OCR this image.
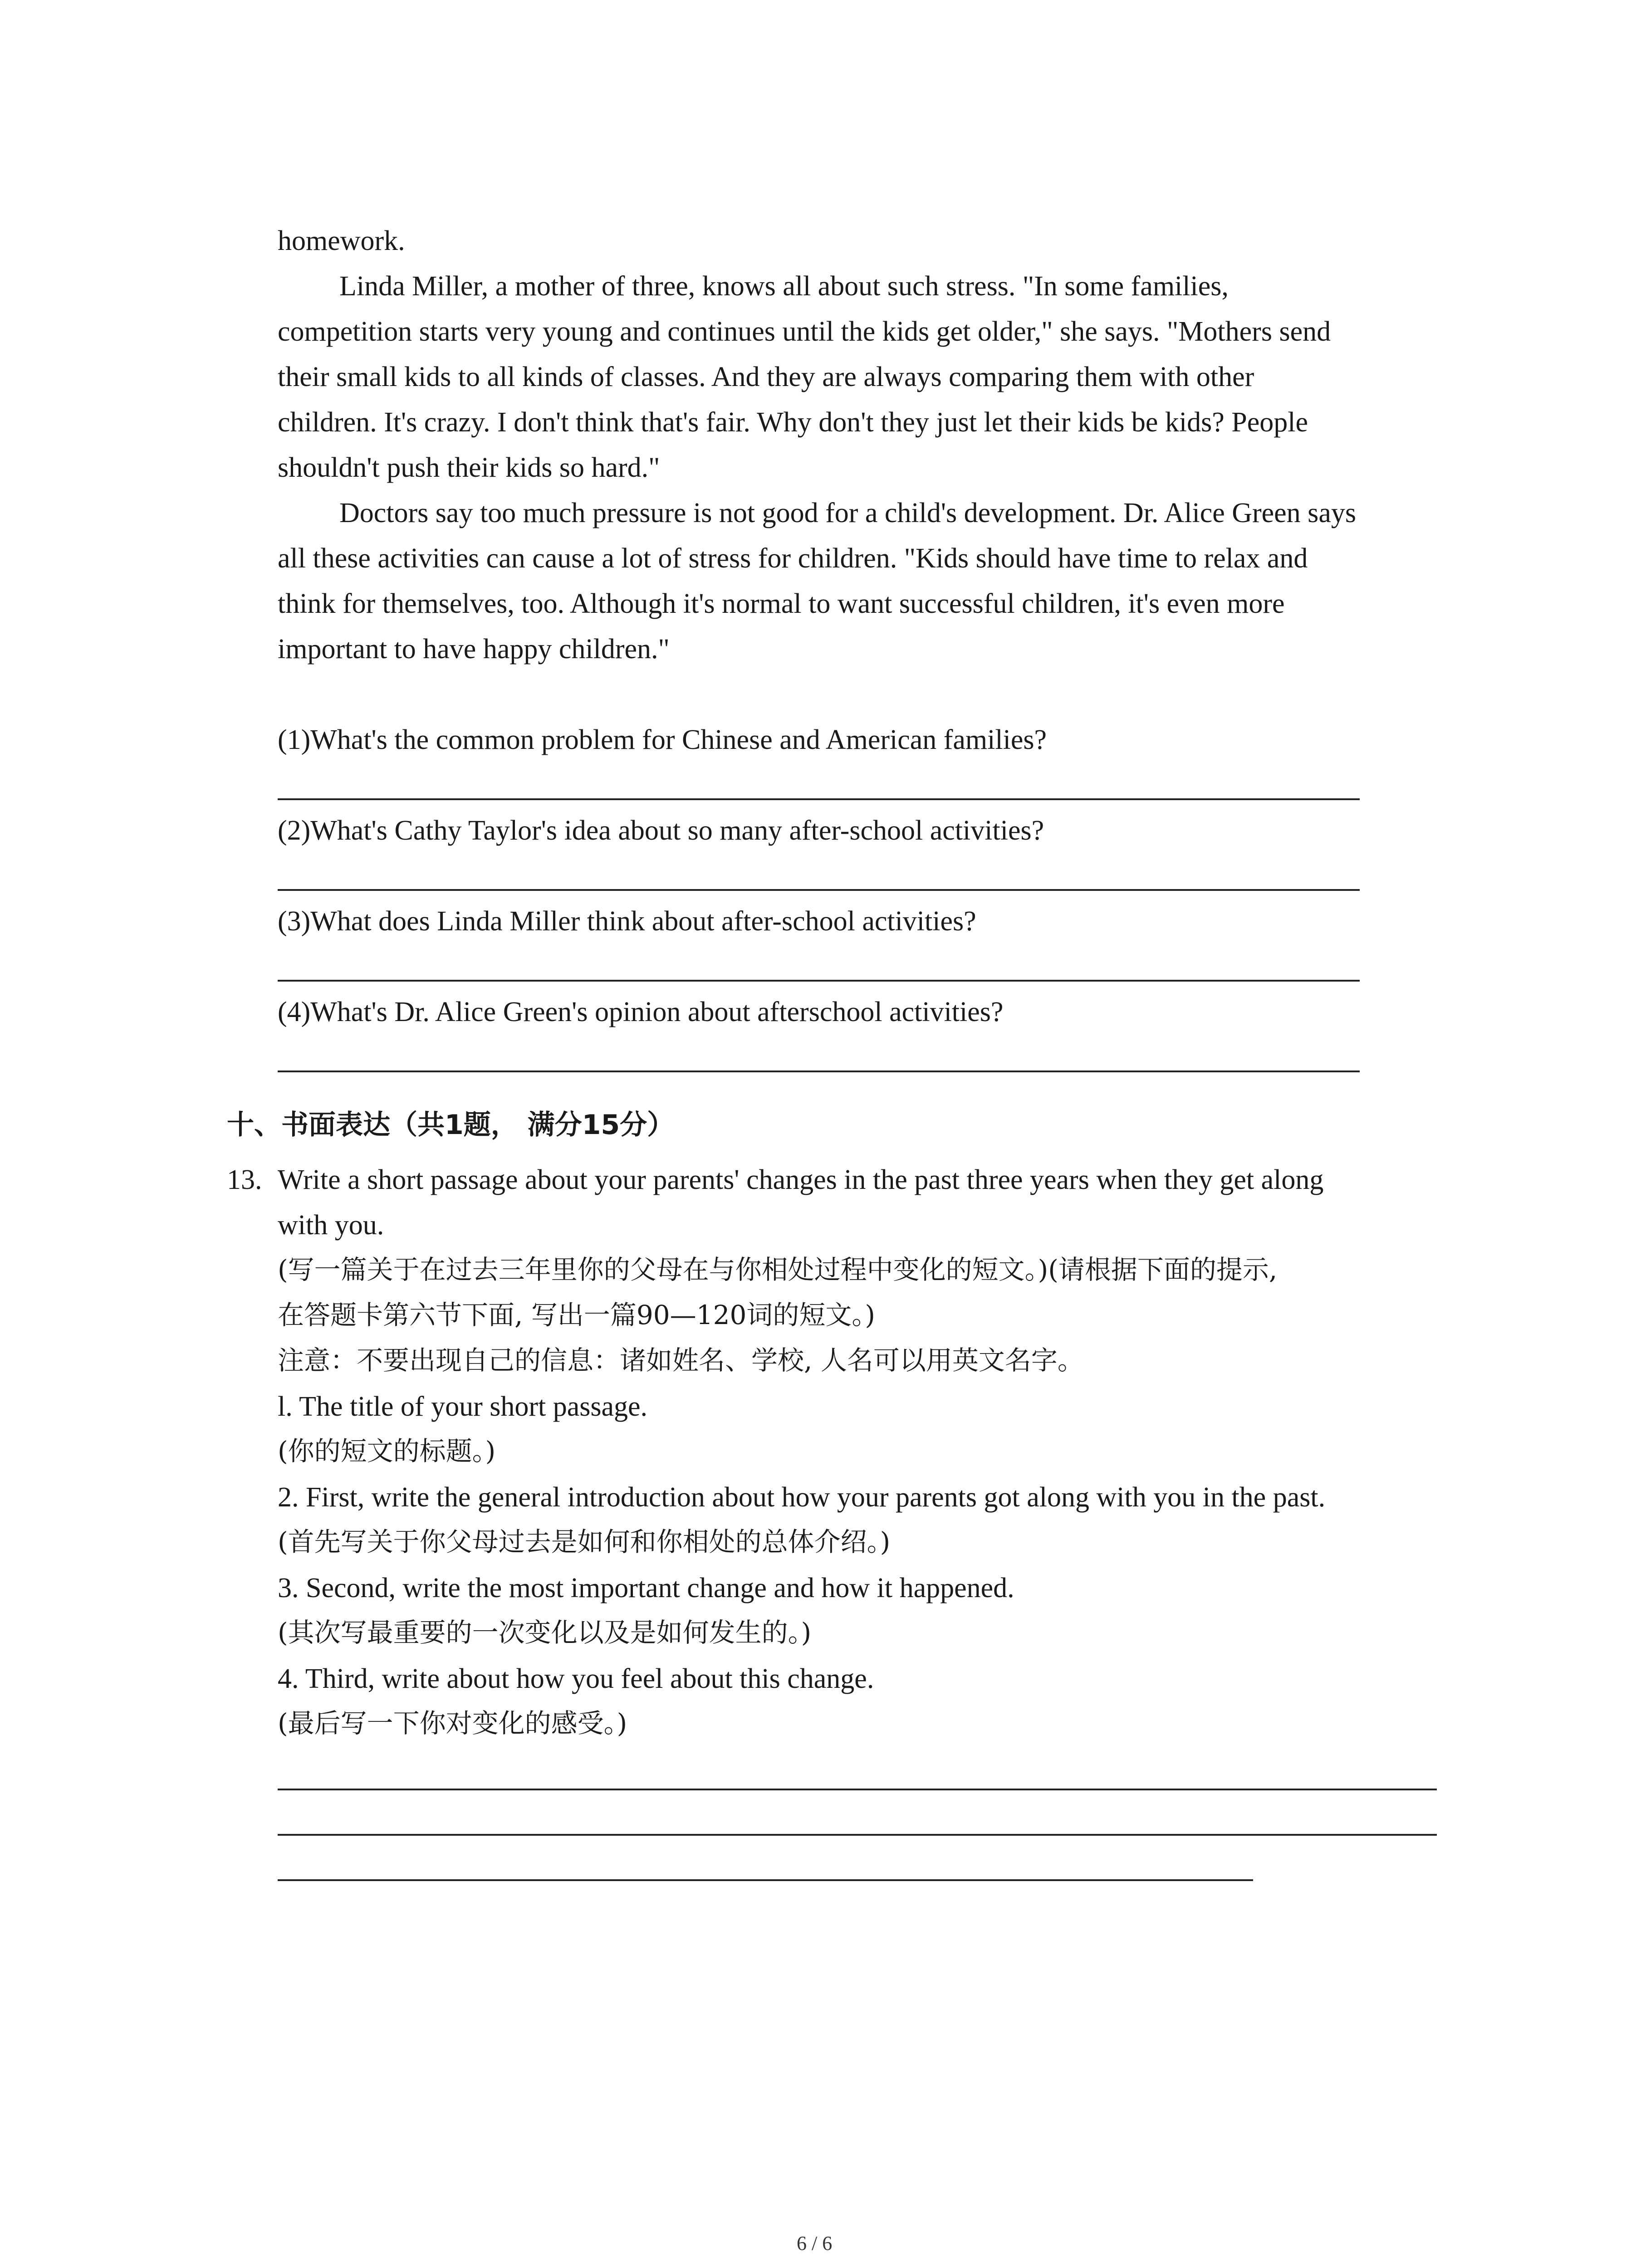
homework.
Linda Miller, a mother of three, knows all about such stress. "In some families,
competition starts very young and continues until the kids get older," she says. "Mothers send
their small kids to all kinds of classes. And they are always comparing them with other
children. It's crazy. I don't think that's fair. Why don't they just let their kids be kids? People
shouldn't push their kids so hard."
Doctors say too much pressure is not good for a child's development. Dr. Alice Green says
all these activities can cause a lot of stress for children. "Kids should have time to relax and
think for themselves, too. Although it's normal to want successful children, it's even more
important to have happy children."
(1)What's the common problem for Chinese and American families?
(2)What's Cathy Taylor's idea about so many after-school activities?
(3)What does Linda Miller think about after-school activities?
(4)What's Dr. Alice Green's opinion about afterschool activities?
十、书面表达（共1题， 满分15分）
13. Write a short passage about your parents' changes in the past three years when they get along
with you.
(写一篇关于在过去三年里你的父母在与你相处过程中变化的短文。)(请根据下面的提示,
在答题卡第六节下面, 写出一篇90—120词的短文。)
注意：不要出现自己的信息：诸如姓名、学校, 人名可以用英文名字。
l. The title of your short passage.
(你的短文的标题。)
2. First, write the general introduction about how your parents got along with you in the past.
(首先写关于你父母过去是如何和你相处的总体介绍。)
3. Second, write the most important change and how it happened.
(其次写最重要的一次变化以及是如何发生的。)
4. Third, write about how you feel about this change.
(最后写一下你对变化的感受。)
6 / 6
